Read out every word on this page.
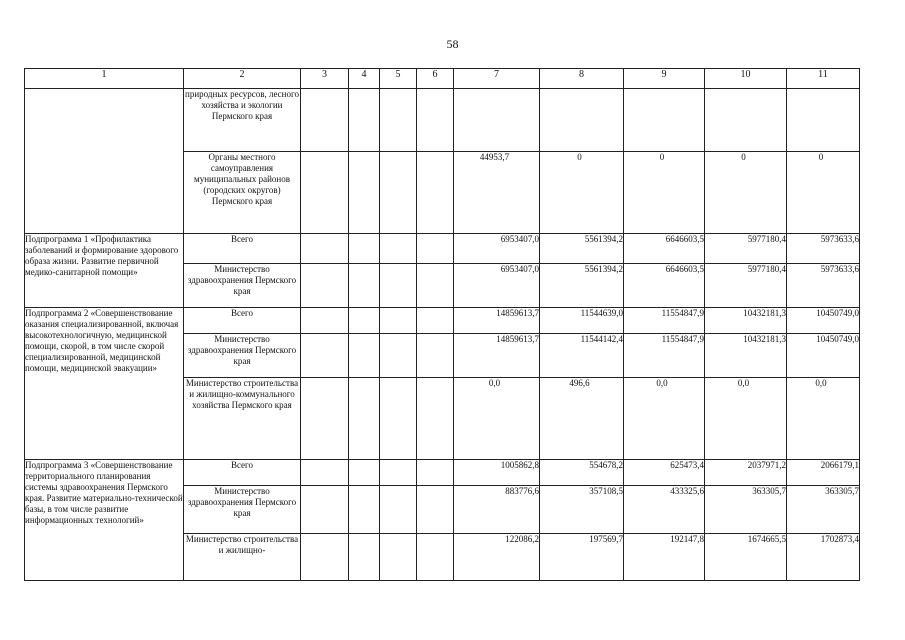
58
1	2	3	4	5	6	7	8	9	10	11
	природных ресурсов, лесного хозяйства и экологии Пермского края									
	Органы местного самоуправления муниципальных районов (городских округов) Пермского края					44953,7	0	0	0	0
Подпрограмма 1 «Профилактика заболеваний и формирование здорового образа жизни. Развитие первичной медико-санитарной помощи»	Всего					6953407,0	5561394,2	6646603,5	5977180,4	5973633,6
	Министерство здравоохранения Пермского края					6953407,0	5561394,2	6646603,5	5977180,4	5973633,6
Подпрограмма 2 «Совершенствование оказания специализированной, включая высокотехнологичную, медицинской помощи, скорой, в том числе скорой специализированной, медицинской помощи, медицинской эвакуации»	Всего					14859613,7	11544639,0	11554847,9	10432181,3	10450749,0
	Министерство здравоохранения Пермского края					14859613,7	11544142,4	11554847,9	10432181,3	10450749,0
	Министерство строительства и жилищно-коммунального хозяйства Пермского края					0,0	496,6	0,0	0,0	0,0
Подпрограмма 3 «Совершенствование территориального планирования системы здравоохранения Пермского края. Развитие материально-технической базы, в том числе развитие информационных технологий»	Всего					1005862,8	554678,2	625473,4	2037971,2	2066179,1
	Министерство здравоохранения Пермского края					883776,6	357108,5	433325,6	363305,7	363305,7
	Министерство строительства и жилищно-					122086,2	197569,7	192147,8	1674665,5	1702873,4
